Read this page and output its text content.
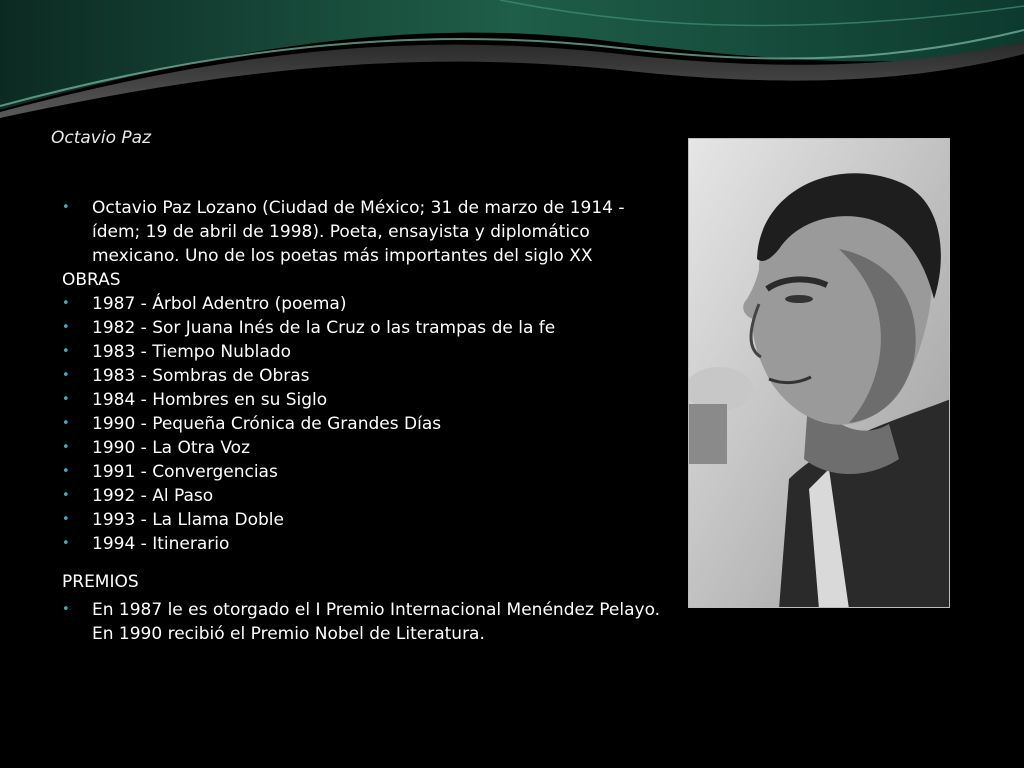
Octavio Paz
• Octavio Paz Lozano (Ciudad de México; 31 de marzo de 1914 - ídem; 19 de abril de 1998). Poeta, ensayista y diplomático mexicano. Uno de los poetas más importantes del siglo XX

OBRAS

• 1987 - Árbol Adentro (poema)
• 1982 - Sor Juana Inés de la Cruz o las trampas de la fe
• 1983 - Tiempo Nublado
• 1983 - Sombras de Obras
• 1984 - Hombres en su Siglo
• 1990 - Pequeña Crónica de Grandes Días
• 1990 - La Otra Voz
• 1991 - Convergencias
• 1992 - Al Paso
• 1993 - La Llama Doble
• 1994 - Itinerario

PREMIOS

• En 1987 le es otorgado el I Premio Internacional Menéndez Pelayo. En 1990 recibió el Premio Nobel de Literatura.
